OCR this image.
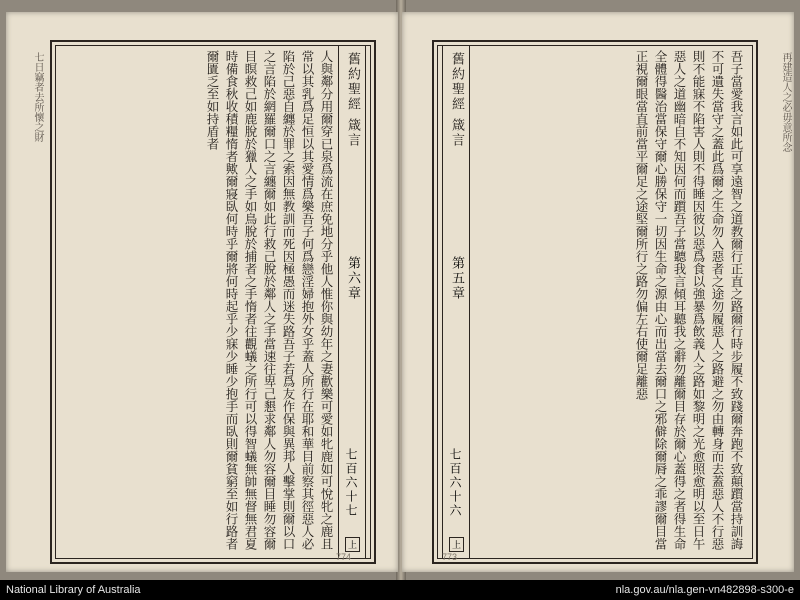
七日竊者去所懷之財	人與鄰分用爾穿已泉爲流在庶免地分乎他人惟你與幼年之妻歡樂可愛如牝鹿如可悅牝之鹿且常以其乳爲足恒以其愛情爲樂吾子何爲戀淫婦抱外女乎蓋人所行在耶和華目前察其徑惡人必陷於己惡自纏於罪之索因無教訓而死因極愚而迷失路吾子若爲友作保與異邦人擊掌則爾以口之言陷於網羅爾口之言纏爾如此行救己脫於鄰人之手當速往卑己懇求鄰人勿容爾目睡勿容爾目瞑救己如鹿脫於獵人之手如鳥脫於捕者之手惰者往觀蟻之所行可以得智蟻無帥無督無君夏時備食秋收積糧惰者歟爾寢臥何時乎爾將何時起乎少寐少睡少抱手而臥則爾貧窮至如行路者爾匱乏至如持盾者	舊約聖經 箴言
第六章
七百六十七
上
774
再建造人之必毋意所念
舊約聖經 箴言
第五章
七百六十六
上	吾子當愛我言如此可享遠智之道教爾行正直之路爾行時步履不致踐爾奔跑不致顛躓當持訓誨不可遺失當守之蓋此爲爾之生命勿入惡者之途勿履惡人之路避之勿由轉身而去蓋惡人不行惡則不能寐不陷害人則不得睡因彼以惡爲食以強暴爲飲義人之路如黎明之光愈照愈明以至日午惡人之道幽暗自不知因何而躓吾子當聽我言傾耳聽我之辭勿離爾目存於爾心蓋得之者得生命全體得醫治當保守爾心勝保守一切因生命之源由心而出當去爾口之邪僻除爾脣之乖謬爾目當正視爾眼當直前當平爾足之途堅爾所行之路勿偏左右使爾足離惡
773
National Library of Australia	nla.gov.au/nla.gen-vn482898-s300-e
